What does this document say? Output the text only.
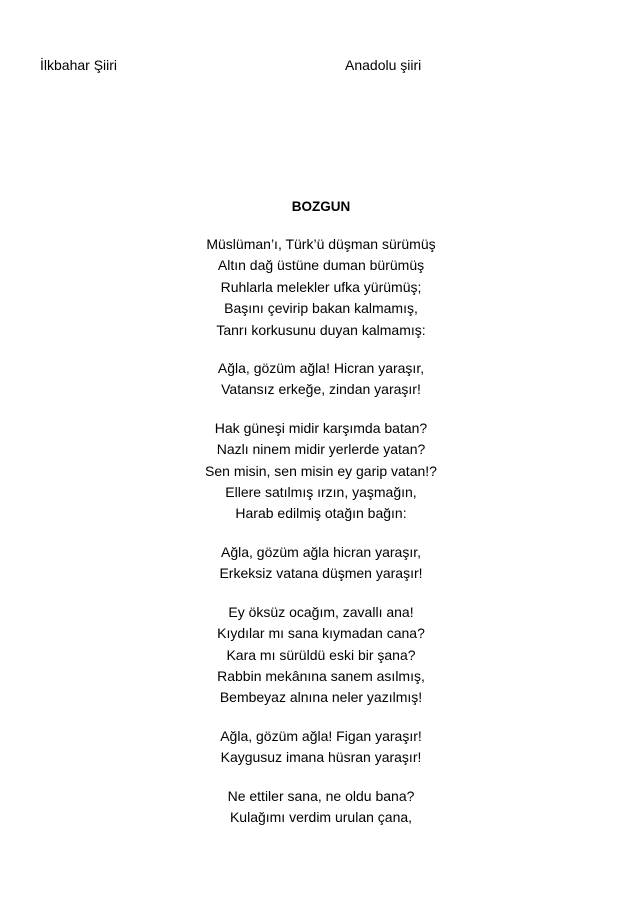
İlkbahar Şiiri	Anadolu şiiri
BOZGUN
Müslüman’ı, Türk’ü düşman sürümüş
Altın dağ üstüne duman bürümüş
Ruhlarla melekler ufka yürümüş;
Başını çevirip bakan kalmamış,
Tanrı korkusunu duyan kalmamış:
Ağla, gözüm ağla! Hicran yaraşır,
Vatansız erkeğe, zindan yaraşır!
Hak güneşi midir karşımda batan?
Nazlı ninem midir yerlerde yatan?
Sen misin, sen misin ey garip vatan!?
Ellere satılmış ırzın, yaşmağın,
Harab edilmiş otağın bağın:
Ağla, gözüm ağla hicran yaraşır,
Erkeksiz vatana düşmen yaraşır!
Ey öksüz ocağım, zavallı ana!
Kıydılar mı sana kıymadan cana?
Kara mı sürüldü eski bir şana?
Rabbin mekânına sanem asılmış,
Bembeyaz alnına neler yazılmış!
Ağla, gözüm ağla! Figan yaraşır!
Kaygusuz imana hüsran yaraşır!
Ne ettiler sana, ne oldu bana?
Kulağımı verdim urulan çana,
